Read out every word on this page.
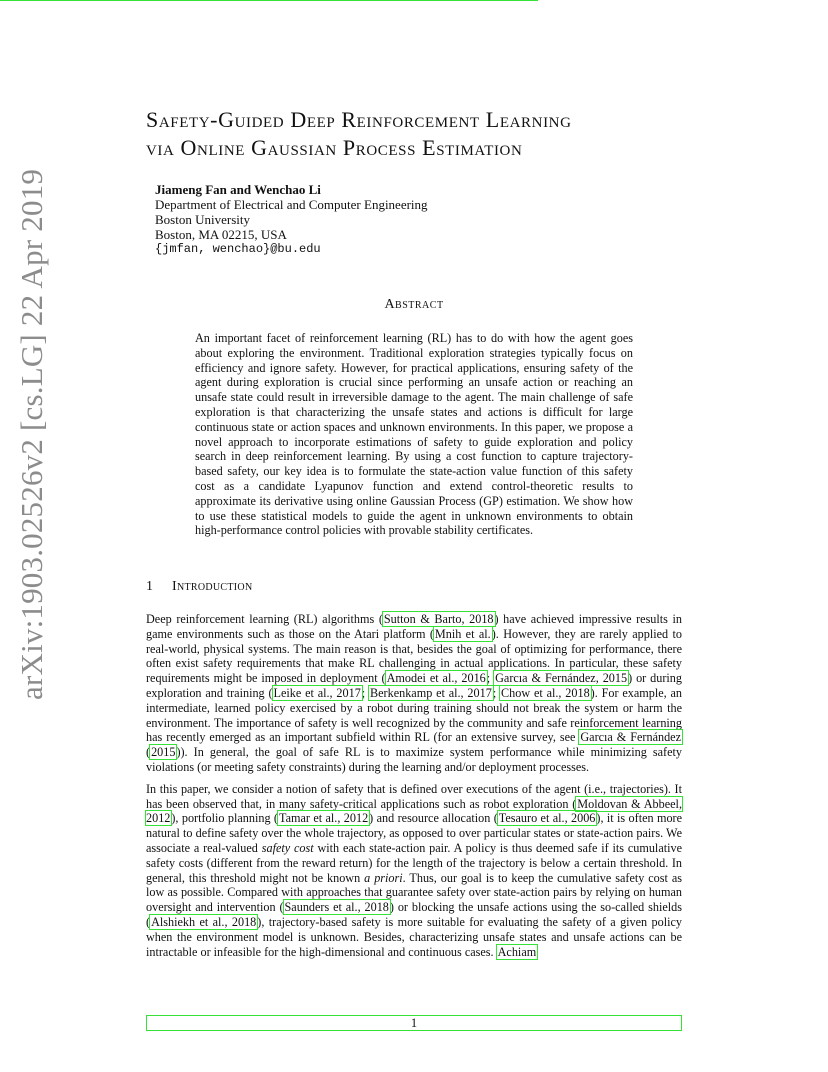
arXiv:1903.02526v2 [cs.LG] 22 Apr 2019
Safety-Guided Deep Reinforcement Learning
via Online Gaussian Process Estimation
Jiameng Fan and Wenchao Li
Department of Electrical and Computer Engineering
Boston University
Boston, MA 02215, USA
{jmfan, wenchao}@bu.edu
Abstract
An important facet of reinforcement learning (RL) has to do with how the agent goes about exploring the environment. Traditional exploration strategies typically focus on efficiency and ignore safety. However, for practical applications, ensuring safety of the agent during exploration is crucial since performing an unsafe action or reaching an unsafe state could result in irreversible damage to the agent. The main challenge of safe exploration is that characterizing the unsafe states and actions is difficult for large continuous state or action spaces and unknown environments. In this paper, we propose a novel approach to incorporate estimations of safety to guide exploration and policy search in deep reinforcement learning. By using a cost function to capture trajectory-based safety, our key idea is to formulate the state-action value function of this safety cost as a candidate Lyapunov function and extend control-theoretic results to approximate its derivative using online Gaussian Process (GP) estimation. We show how to use these statistical models to guide the agent in unknown environments to obtain high-performance control policies with provable stability certificates.
1 Introduction

Deep reinforcement learning (RL) algorithms (Sutton & Barto, 2018) have achieved impressive results in game environments such as those on the Atari platform (Mnih et al.). However, they are rarely applied to real-world, physical systems. The main reason is that, besides the goal of optimizing for performance, there often exist safety requirements that make RL challenging in actual applications. In particular, these safety requirements might be imposed in deployment (Amodei et al., 2016; Garcıa & Fernández, 2015) or during exploration and training (Leike et al., 2017; Berkenkamp et al., 2017; Chow et al., 2018). For example, an intermediate, learned policy exercised by a robot during training should not break the system or harm the environment. The importance of safety is well recognized by the community and safe reinforcement learning has recently emerged as an important subfield within RL (for an extensive survey, see Garcıa & Fernández (2015)). In general, the goal of safe RL is to maximize system performance while minimizing safety violations (or meeting safety constraints) during the learning and/or deployment processes.

In this paper, we consider a notion of safety that is defined over executions of the agent (i.e., trajectories). It has been observed that, in many safety-critical applications such as robot exploration (Moldovan & Abbeel, 2012), portfolio planning (Tamar et al., 2012) and resource allocation (Tesauro et al., 2006), it is often more natural to define safety over the whole trajectory, as opposed to over particular states or state-action pairs. We associate a real-valued safety cost with each state-action pair. A policy is thus deemed safe if its cumulative safety costs (different from the reward return) for the length of the trajectory is below a certain threshold. In general, this threshold might not be known a priori. Thus, our goal is to keep the cumulative safety cost as low as possible. Compared with approaches that guarantee safety over state-action pairs by relying on human oversight and intervention (Saunders et al., 2018) or blocking the unsafe actions using the so-called shields (Alshiekh et al., 2018), trajectory-based safety is more suitable for evaluating the safety of a given policy when the environment model is unknown. Besides, characterizing unsafe states and unsafe actions can be intractable or infeasible for the high-dimensional and continuous cases. Achiam

1
